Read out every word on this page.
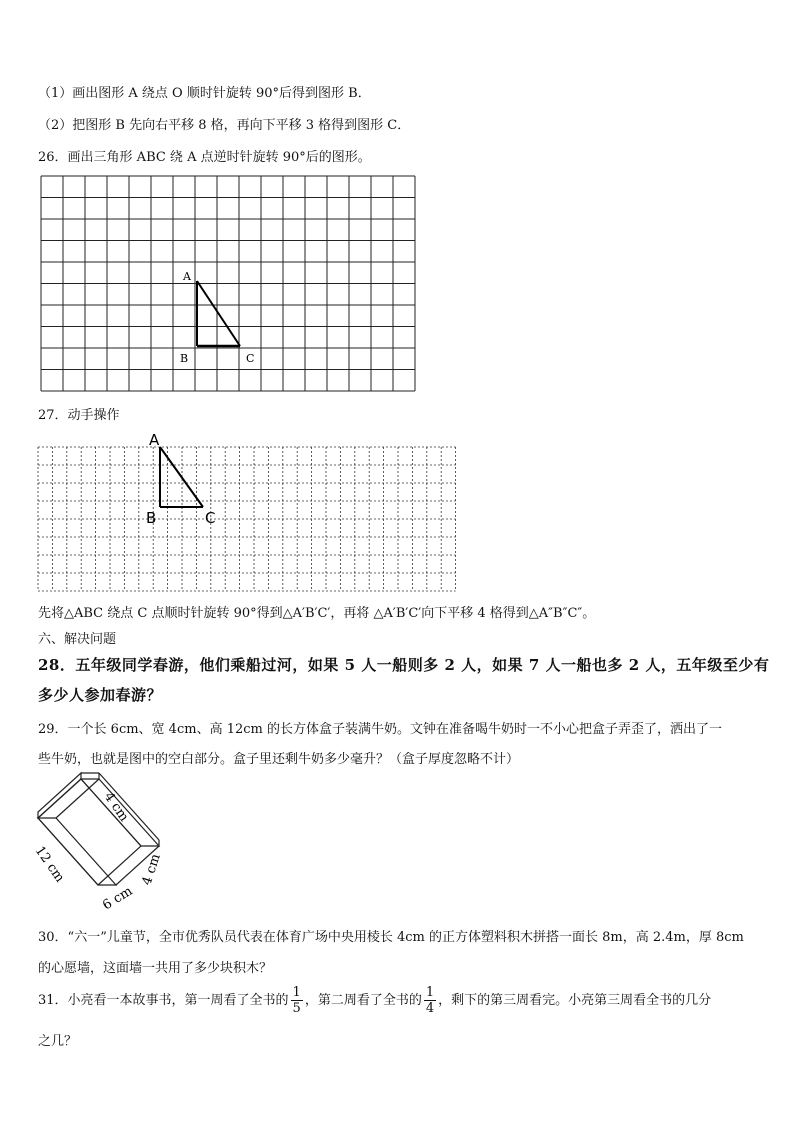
（1）画出图形 A 绕点 O 顺时针旋转 90°后得到图形 B．
（2）把图形 B 先向右平移 8 格，再向下平移 3 格得到图形 C．
26．画出三角形 ABC 绕 A 点逆时针旋转 90°后的图形。
A
B	C
27．动手操作
A
B	C
先将△ABC 绕点 C 点顺时针旋转 90°得到△A′B′C′，再将 △A′B′C′向下平移 4 格得到△A″B″C″。
六、解决问题
28．五年级同学春游，他们乘船过河，如果 5 人一船则多 2 人，如果 7 人一船也多 2 人，五年级至少有
多少人参加春游？
29．一个长 6cm、宽 4cm、高 12cm 的长方体盒子装满牛奶。文钟在准备喝牛奶时一不小心把盒子弄歪了，洒出了一
些牛奶，也就是图中的空白部分。盒子里还剩牛奶多少毫升？（盒子厚度忽略不计）
4 cm
4 cm
12 cm
6 cm
30．“六一”儿童节，全市优秀队员代表在体育广场中央用棱长 4cm 的正方体塑料积木拼搭一面长 8m，高 2.4m，厚 8cm
的心愿墙，这面墙一共用了多少块积木？
31．小亮看一本故事书，第一周看了全书的 $\frac{1}{5}$ ，第二周看了全书的 $\frac{1}{4}$ ，剩下的第三周看完。小亮第三周看全书的几分
之几？
